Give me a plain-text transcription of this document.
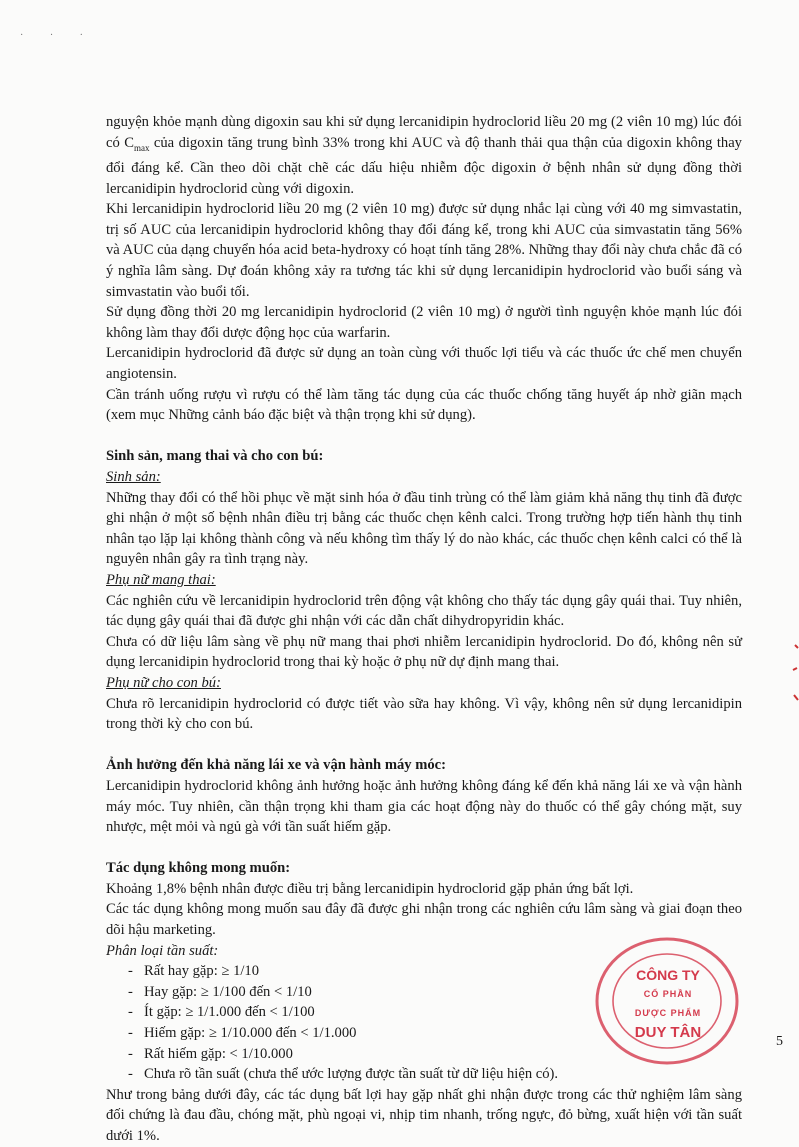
· · ·

nguyện khỏe mạnh dùng digoxin sau khi sử dụng lercanidipin hydroclorid liều 20 mg (2 viên 10 mg) lúc đói có $C_{max}$ của digoxin tăng trung bình 33% trong khi AUC và độ thanh thải qua thận của digoxin không thay đổi đáng kể. Cần theo dõi chặt chẽ các dấu hiệu nhiễm độc digoxin ở bệnh nhân sử dụng đồng thời lercanidipin hydroclorid cùng với digoxin.

Khi lercanidipin hydroclorid liều 20 mg (2 viên 10 mg) được sử dụng nhắc lại cùng với 40 mg simvastatin, trị số AUC của lercanidipin hydroclorid không thay đổi đáng kể, trong khi AUC của simvastatin tăng 56% và AUC của dạng chuyển hóa acid beta-hydroxy có hoạt tính tăng 28%. Những thay đổi này chưa chắc đã có ý nghĩa lâm sàng. Dự đoán không xảy ra tương tác khi sử dụng lercanidipin hydroclorid vào buổi sáng và simvastatin vào buổi tối.

Sử dụng đồng thời 20 mg lercanidipin hydroclorid (2 viên 10 mg) ở người tình nguyện khỏe mạnh lúc đói không làm thay đổi dược động học của warfarin.

Lercanidipin hydroclorid đã được sử dụng an toàn cùng với thuốc lợi tiểu và các thuốc ức chế men chuyển angiotensin.

Cần tránh uống rượu vì rượu có thể làm tăng tác dụng của các thuốc chống tăng huyết áp nhờ giãn mạch (xem mục Những cảnh báo đặc biệt và thận trọng khi sử dụng).

Sinh sản, mang thai và cho con bú:

Sinh sản:

Những thay đổi có thể hồi phục về mặt sinh hóa ở đầu tinh trùng có thể làm giảm khả năng thụ tinh đã được ghi nhận ở một số bệnh nhân điều trị bằng các thuốc chẹn kênh calci. Trong trường hợp tiến hành thụ tinh nhân tạo lặp lại không thành công và nếu không tìm thấy lý do nào khác, các thuốc chẹn kênh calci có thể là nguyên nhân gây ra tình trạng này.

Phụ nữ mang thai:

Các nghiên cứu về lercanidipin hydroclorid trên động vật không cho thấy tác dụng gây quái thai. Tuy nhiên, tác dụng gây quái thai đã được ghi nhận với các dẫn chất dihydropyridin khác.

Chưa có dữ liệu lâm sàng về phụ nữ mang thai phơi nhiễm lercanidipin hydroclorid. Do đó, không nên sử dụng lercanidipin hydroclorid trong thai kỳ hoặc ở phụ nữ dự định mang thai.

Phụ nữ cho con bú:

Chưa rõ lercanidipin hydroclorid có được tiết vào sữa hay không. Vì vậy, không nên sử dụng lercanidipin trong thời kỳ cho con bú.

Ảnh hưởng đến khả năng lái xe và vận hành máy móc:

Lercanidipin hydroclorid không ảnh hưởng hoặc ảnh hưởng không đáng kể đến khả năng lái xe và vận hành máy móc. Tuy nhiên, cần thận trọng khi tham gia các hoạt động này do thuốc có thể gây chóng mặt, suy nhược, mệt mỏi và ngủ gà với tần suất hiếm gặp.

Tác dụng không mong muốn:

Khoảng 1,8% bệnh nhân được điều trị bằng lercanidipin hydroclorid gặp phản ứng bất lợi.

Các tác dụng không mong muốn sau đây đã được ghi nhận trong các nghiên cứu lâm sàng và giai đoạn theo dõi hậu marketing.

Phân loại tần suất:

- Rất hay gặp: ≥ 1/10
- Hay gặp: ≥ 1/100 đến < 1/10
- Ít gặp: ≥ 1/1.000 đến < 1/100
- Hiếm gặp: ≥ 1/10.000 đến < 1/1.000
- Rất hiếm gặp: < 1/10.000
- Chưa rõ tần suất (chưa thể ước lượng được tần suất từ dữ liệu hiện có).

Như trong bảng dưới đây, các tác dụng bất lợi hay gặp nhất ghi nhận được trong các thử nghiệm lâm sàng đối chứng là đau đầu, chóng mặt, phù ngoại vi, nhịp tim nhanh, trống ngực, đỏ bừng, xuất hiện với tần suất dưới 1%.

CÔNG TY
CỔ PHẦN
DƯỢC PHẨM
DUY TÂN
5
